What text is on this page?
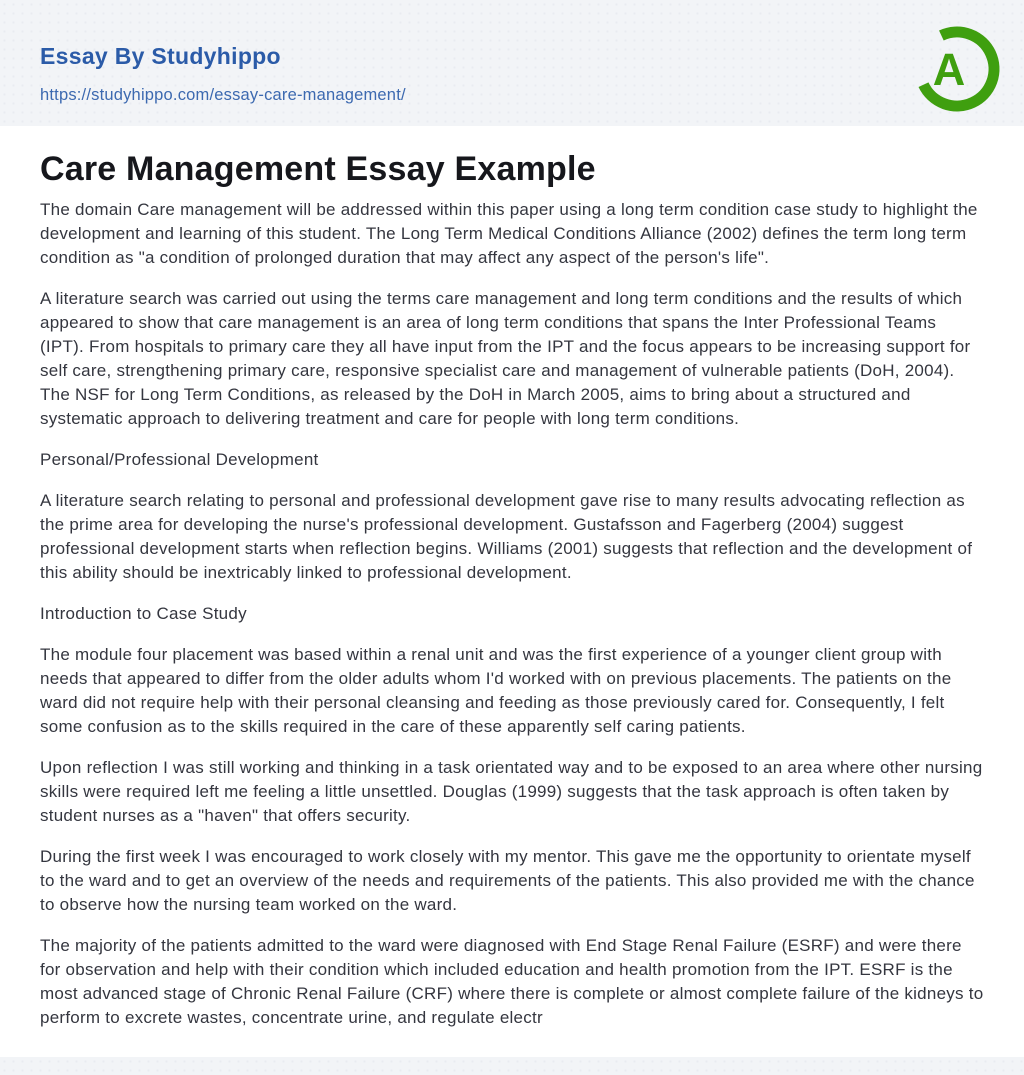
Essay By Studyhippo
https://studyhippo.com/essay-care-management/	A
Care Management Essay Example

The domain Care management will be addressed within this paper using a long term condition case study to highlight the development and learning of this student. The Long Term Medical Conditions Alliance (2002) defines the term long term condition as "a condition of prolonged duration that may affect any aspect of the person's life".

A literature search was carried out using the terms care management and long term conditions and the results of which appeared to show that care management is an area of long term conditions that spans the Inter Professional Teams (IPT). From hospitals to primary care they all have input from the IPT and the focus appears to be increasing support for self care, strengthening primary care, responsive specialist care and management of vulnerable patients (DoH, 2004). The NSF for Long Term Conditions, as released by the DoH in March 2005, aims to bring about a structured and systematic approach to delivering treatment and care for people with long term conditions.

Personal/Professional Development

A literature search relating to personal and professional development gave rise to many results advocating reflection as the prime area for developing the nurse's professional development. Gustafsson and Fagerberg (2004) suggest professional development starts when reflection begins. Williams (2001) suggests that reflection and the development of this ability should be inextricably linked to professional development.

Introduction to Case Study

The module four placement was based within a renal unit and was the first experience of a younger client group with needs that appeared to differ from the older adults whom I'd worked with on previous placements. The patients on the ward did not require help with their personal cleansing and feeding as those previously cared for. Consequently, I felt some confusion as to the skills required in the care of these apparently self caring patients.

Upon reflection I was still working and thinking in a task orientated way and to be exposed to an area where other nursing skills were required left me feeling a little unsettled. Douglas (1999) suggests that the task approach is often taken by student nurses as a "haven" that offers security.

During the first week I was encouraged to work closely with my mentor. This gave me the opportunity to orientate myself to the ward and to get an overview of the needs and requirements of the patients. This also provided me with the chance to observe how the nursing team worked on the ward.

The majority of the patients admitted to the ward were diagnosed with End Stage Renal Failure (ESRF) and were there for observation and help with their condition which included education and health promotion from the IPT. ESRF is the most advanced stage of Chronic Renal Failure (CRF) where there is complete or almost complete failure of the kidneys to perform to excrete wastes, concentrate urine, and regulate electr
